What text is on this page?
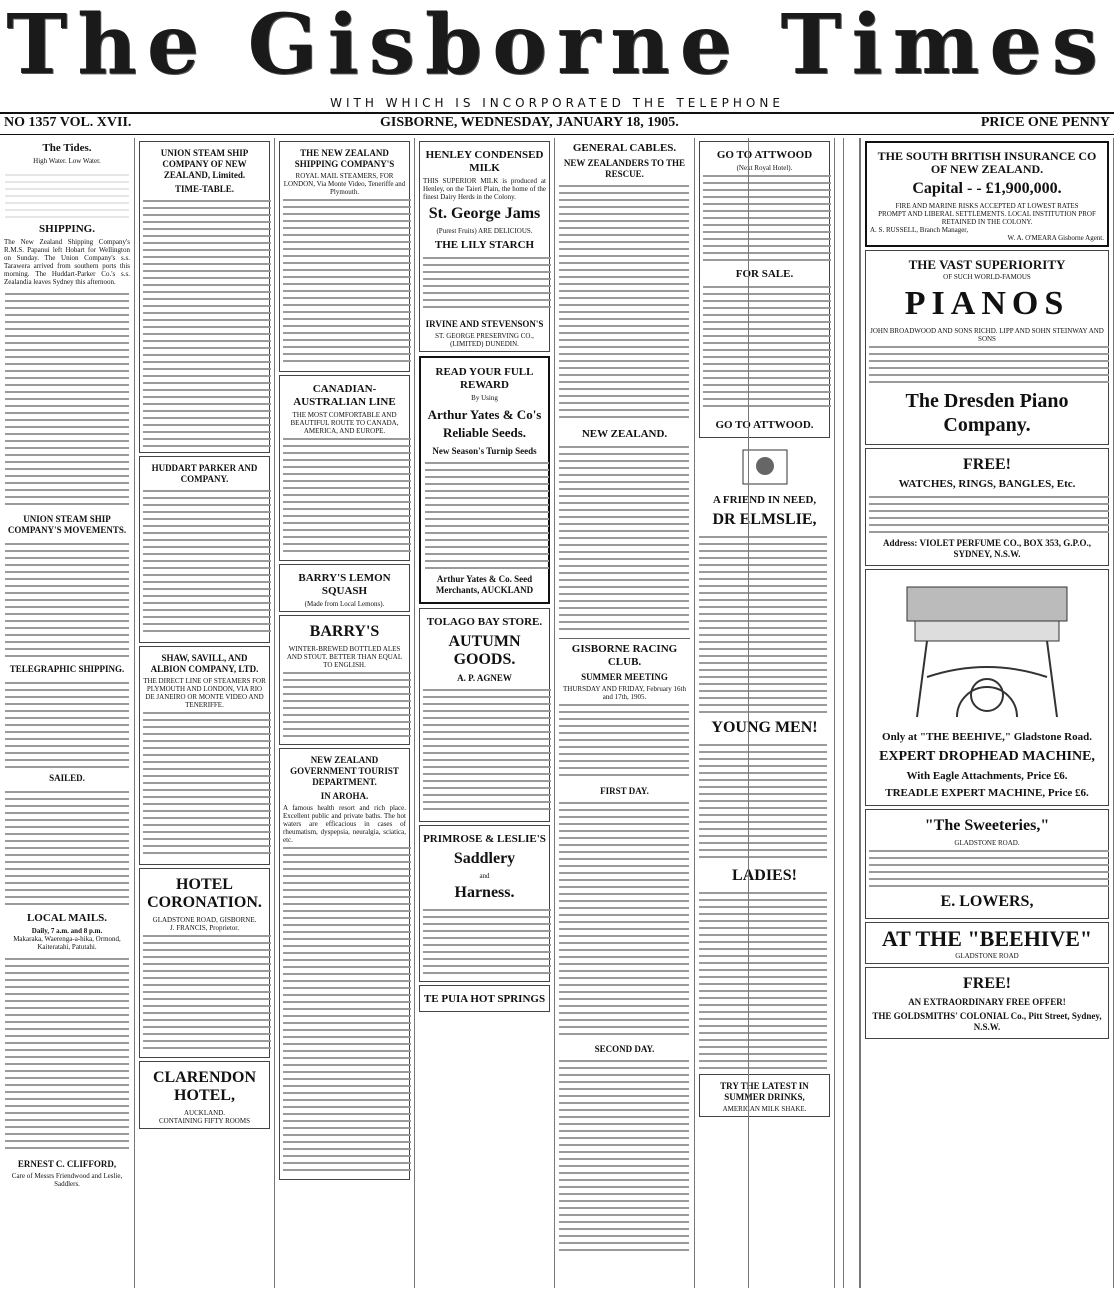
The Gisborne Times
WITH WHICH IS INCORPORATED THE TELEPHONE
NO 1357 VOL. XVII.	GISBORNE, WEDNESDAY, JANUARY 18, 1905.	PRICE ONE PENNY
The Tides.
High Water. Low Water.
SHIPPING.
The New Zealand Shipping Company's R.M.S. Papanui left Hobart for Wellington on Sunday. The Union Company's s.s. Tarawera arrived from southern ports this morning. The Huddart-Parker Co.'s s.s. Zealandia leaves Sydney this afternoon.
UNION STEAM SHIP COMPANY'S MOVEMENTS.
TELEGRAPHIC SHIPPING.
SAILED.
LOCAL MAILS.
Daily, 7 a.m. and 8 p.m.
Makaraka, Waerenga-a-hika, Ormond, Kaiteratahi, Patutahi.
ERNEST C. CLIFFORD,
Care of Messrs Friendwood and Leslie, Saddlers.
UNION STEAM SHIP COMPANY OF NEW ZEALAND, Limited.
TIME-TABLE.
HUDDART PARKER AND COMPANY.
SHAW, SAVILL, AND ALBION COMPANY, LTD.
THE DIRECT LINE OF STEAMERS FOR PLYMOUTH AND LONDON, VIA RIO DE JANEIRO OR MONTE VIDEO AND TENERIFFE.
HOTEL CORONATION.
GLADSTONE ROAD, GISBORNE.
J. FRANCIS, Proprietor.
CLARENDON HOTEL,
AUCKLAND.
CONTAINING FIFTY ROOMS
THE NEW ZEALAND SHIPPING COMPANY'S
ROYAL MAIL STEAMERS, FOR LONDON, Via Monte Video, Teneriffe and Plymouth.
CANADIAN-AUSTRALIAN LINE
THE MOST COMFORTABLE AND BEAUTIFUL ROUTE TO CANADA, AMERICA, AND EUROPE.
BARRY'S LEMON SQUASH
(Made from Local Lemons).
BARRY'S
WINTER-BREWED BOTTLED ALES AND STOUT. BETTER THAN EQUAL TO ENGLISH.
NEW ZEALAND GOVERNMENT TOURIST DEPARTMENT.
IN AROHA.
A famous health resort and rich place. Excellent public and private baths. The hot waters are efficacious in cases of rheumatism, dyspepsia, neuralgia, sciatica, etc.
HENLEY CONDENSED MILK
THIS SUPERIOR MILK is produced at Henley, on the Taieri Plain, the home of the finest Dairy Herds in the Colony.
St. George Jams
(Purest Fruits) ARE DELICIOUS.
THE LILY STARCH
IRVINE AND STEVENSON'S
ST. GEORGE PRESERVING CO., (LIMITED) DUNEDIN.
READ YOUR FULL REWARD
By Using
Arthur Yates & Co's Reliable Seeds.
New Season's Turnip Seeds
Arthur Yates & Co. Seed Merchants, AUCKLAND
TOLAGO BAY STORE.
AUTUMN GOODS.
A. P. AGNEW
PRIMROSE & LESLIE'S
Saddlery
and
Harness.
TE PUIA HOT SPRINGS
GENERAL CABLES.
NEW ZEALANDERS TO THE RESCUE.
NEW ZEALAND.
GISBORNE RACING CLUB.
SUMMER MEETING
THURSDAY AND FRIDAY, February 16th and 17th, 1905.
FIRST DAY.
SECOND DAY.
GO TO ATTWOOD
(Next Royal Hotel).
FOR SALE.
GO TO ATTWOOD.
A FRIEND IN NEED,
DR ELMSLIE,
YOUNG MEN!
LADIES!
TRY THE LATEST IN SUMMER DRINKS,
AMERICAN MILK SHAKE.
THE SOUTH BRITISH INSURANCE CO OF NEW ZEALAND.
Capital - - £1,900,000.
FIRE AND MARINE RISKS ACCEPTED AT LOWEST RATES
PROMPT AND LIBERAL SETTLEMENTS. LOCAL INSTITUTION PROF RETAINED IN THE COLONY.
A. S. RUSSELL, Branch Manager,
W. A. O'MEARA Gisborne Agent.
THE VAST SUPERIORITY
OF SUCH WORLD-FAMOUS
PIANOS
JOHN BROADWOOD AND SONS RICHD. LIPP AND SOHN STEINWAY AND SONS
The Dresden Piano Company.
FREE!
WATCHES, RINGS, BANGLES, Etc.
Address: VIOLET PERFUME CO., BOX 353, G.P.O., SYDNEY, N.S.W.
Only at "THE BEEHIVE," Gladstone Road.
EXPERT DROPHEAD MACHINE,
With Eagle Attachments, Price £6.
TREADLE EXPERT MACHINE, Price £6.
"The Sweeteries,"
GLADSTONE ROAD.
E. LOWERS,
AT THE "BEEHIVE"
GLADSTONE ROAD
FREE!
AN EXTRAORDINARY FREE OFFER!
THE GOLDSMITHS' COLONIAL Co., Pitt Street, Sydney, N.S.W.
